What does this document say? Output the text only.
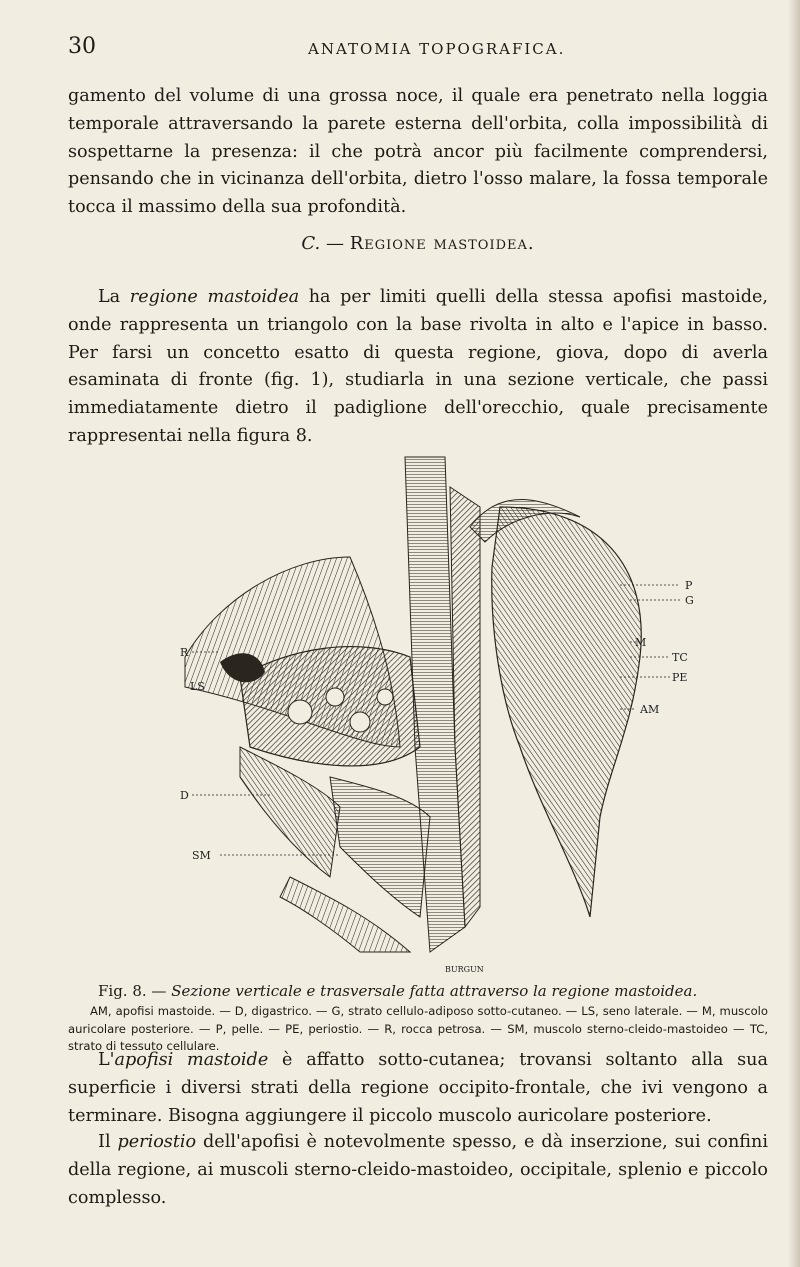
30	ANATOMIA TOPOGRAFICA.

gamento del volume di una grossa noce, il quale era penetrato nella loggia temporale attraversando la parete esterna dell'orbita, colla impossibilità di sospettarne la presenza: il che potrà ancor più facilmente comprendersi, pensando che in vicinanza dell'orbita, dietro l'osso malare, la fossa temporale tocca il massimo della sua profondità.

C. — Regione mastoidea.

La regione mastoidea ha per limiti quelli della stessa apofisi mastoide, onde rappresenta un triangolo con la base rivolta in alto e l'apice in basso. Per farsi un concetto esatto di questa regione, giova, dopo di averla esaminata di fronte (fig. 1), studiarla in una sezione verticale, che passi immediatamente dietro il padiglione dell'orecchio, quale precisamente rappresentai nella figura 8.

P
G
M
TC
PE
AM
R
LS
D
SM
BURGUN

Fig. 8. — Sezione verticale e trasversale fatta attraverso la regione mastoidea.

AM, apofisi mastoide. — D, digastrico. — G, strato cellulo-adiposo sotto-cutaneo. — LS, seno laterale. — M, muscolo auricolare posteriore. — P, pelle. — PE, periostio. — R, rocca petrosa. — SM, muscolo sterno-cleido-mastoideo — TC, strato di tessuto cellulare.

L'apofisi mastoide è affatto sotto-cutanea; trovansi soltanto alla sua superficie i diversi strati della regione occipito-frontale, che ivi vengono a terminare. Bisogna aggiungere il piccolo muscolo auricolare posteriore.

Il periostio dell'apofisi è notevolmente spesso, e dà inserzione, sui confini della regione, ai muscoli sterno-cleido-mastoideo, occipitale, splenio e piccolo complesso.
